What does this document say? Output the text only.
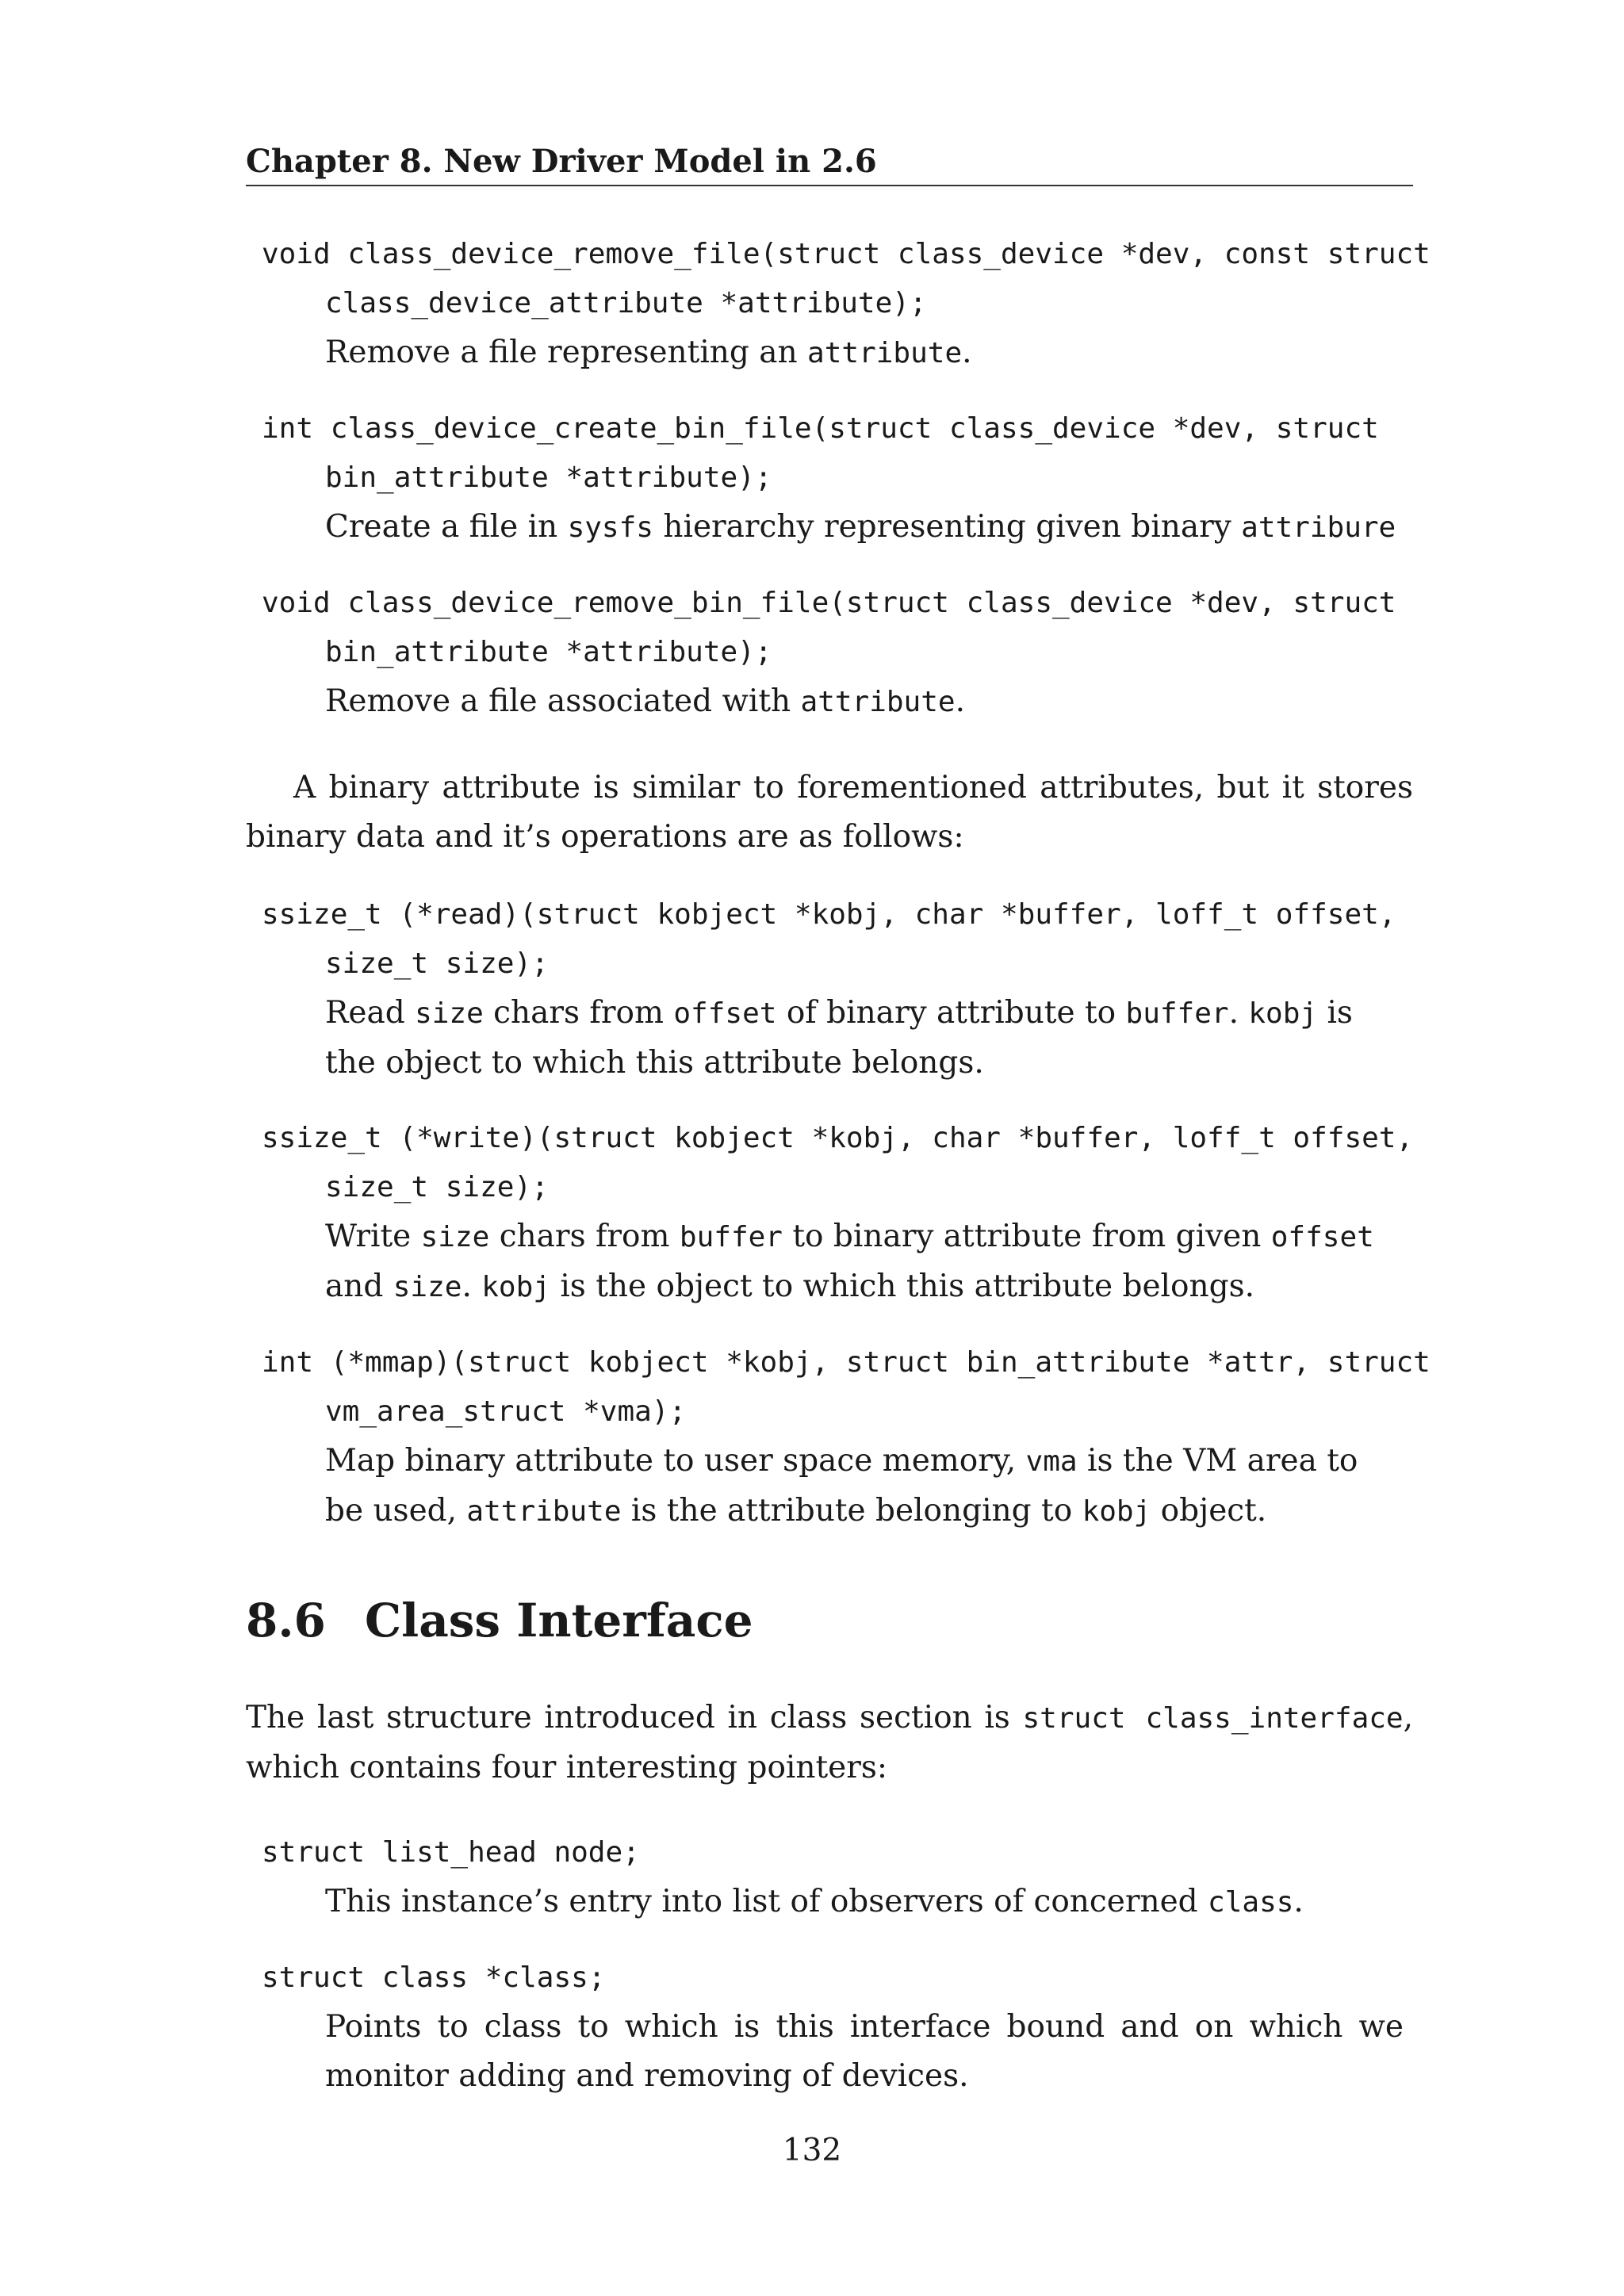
Chapter 8. New Driver Model in 2.6
void class_device_remove_file(struct class_device *dev, const struct
class_device_attribute *attribute);
Remove a file representing an attribute.
int class_device_create_bin_file(struct class_device *dev, struct
bin_attribute *attribute);
Create a file in sysfs hierarchy representing given binary attribure
void class_device_remove_bin_file(struct class_device *dev, struct
bin_attribute *attribute);
Remove a file associated with attribute.
A binary attribute is similar to forementioned attributes, but it stores binary data and it’s operations are as follows:
ssize_t (*read)(struct kobject *kobj, char *buffer, loff_t offset,
size_t size);
Read size chars from offset of binary attribute to buffer. kobj is the object to which this attribute belongs.
ssize_t (*write)(struct kobject *kobj, char *buffer, loff_t offset,
size_t size);
Write size chars from buffer to binary attribute from given offset and size. kobj is the object to which this attribute belongs.
int (*mmap)(struct kobject *kobj, struct bin_attribute *attr, struct
vm_area_struct *vma);
Map binary attribute to user space memory, vma is the VM area to be used, attribute is the attribute belonging to kobj object.
8.6 Class Interface
The last structure introduced in class section is struct class_interface, which contains four interesting pointers:
struct list_head node;
This instance’s entry into list of observers of concerned class.
struct class *class;
Points to class to which is this interface bound and on which we monitor adding and removing of devices.
132
